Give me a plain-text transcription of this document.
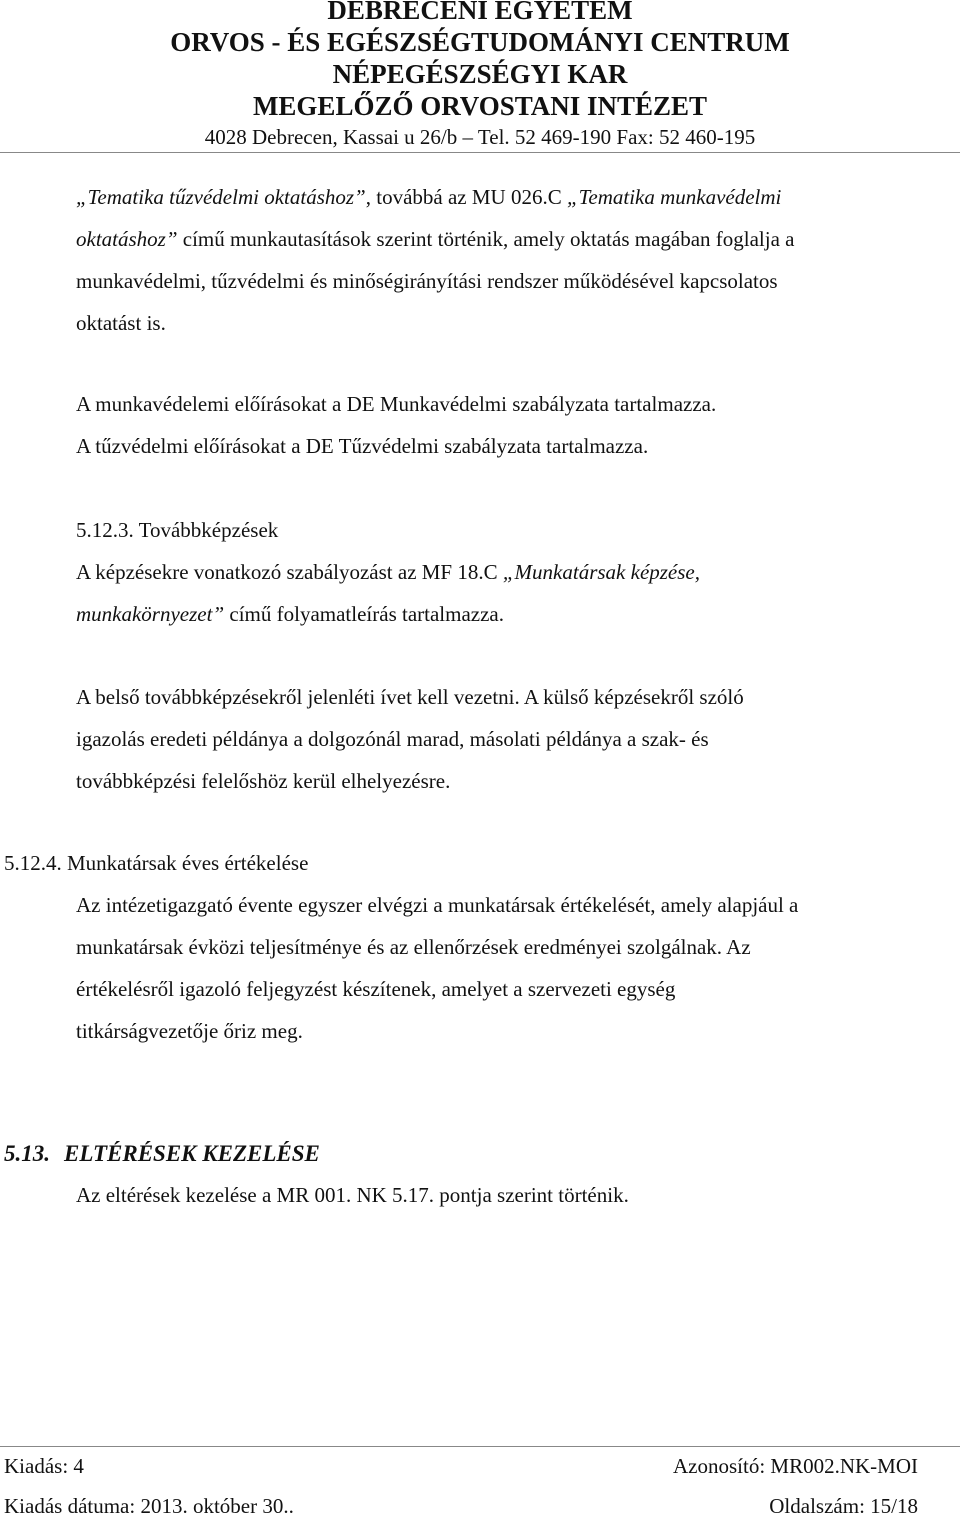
DEBRECENI EGYETEM
ORVOS - ÉS EGÉSZSÉGTUDOMÁNYI CENTRUM
NÉPEGÉSZSÉGYI KAR
MEGELŐZŐ ORVOSTANI INTÉZET
4028 Debrecen, Kassai u 26/b – Tel. 52 469-190 Fax: 52 460-195
„Tematika tűzvédelmi oktatáshoz”, továbbá az MU 026.C „Tematika munkavédelmi
oktatáshoz” című munkautasítások szerint történik, amely oktatás magában foglalja a
munkavédelmi, tűzvédelmi és minőségirányítási rendszer működésével kapcsolatos
oktatást is.
A munkavédelemi előírásokat a DE Munkavédelmi szabályzata tartalmazza.
A tűzvédelmi előírásokat a DE Tűzvédelmi szabályzata tartalmazza.
5.12.3. Továbbképzések
A képzésekre vonatkozó szabályozást az MF 18.C „Munkatársak képzése,
munkakörnyezet” című folyamatleírás tartalmazza.
A belső továbbképzésekről jelenléti ívet kell vezetni. A külső képzésekről szóló
igazolás eredeti példánya a dolgozónál marad, másolati példánya a szak- és
továbbképzési felelőshöz kerül elhelyezésre.
5.12.4. Munkatársak éves értékelése
Az intézetigazgató évente egyszer elvégzi a munkatársak értékelését, amely alapjául a
munkatársak évközi teljesítménye és az ellenőrzések eredményei szolgálnak. Az
értékelésről igazoló feljegyzést készítenek, amelyet a szervezeti egység
titkárságvezetője őriz meg.
5.13. ELTÉRÉSEK KEZELÉSE
Az eltérések kezelése a MR 001. NK 5.17. pontja szerint történik.
Kiadás: 4	Azonosító: MR002.NK-MOI
Kiadás dátuma: 2013. október 30..	Oldalszám: 15/18
